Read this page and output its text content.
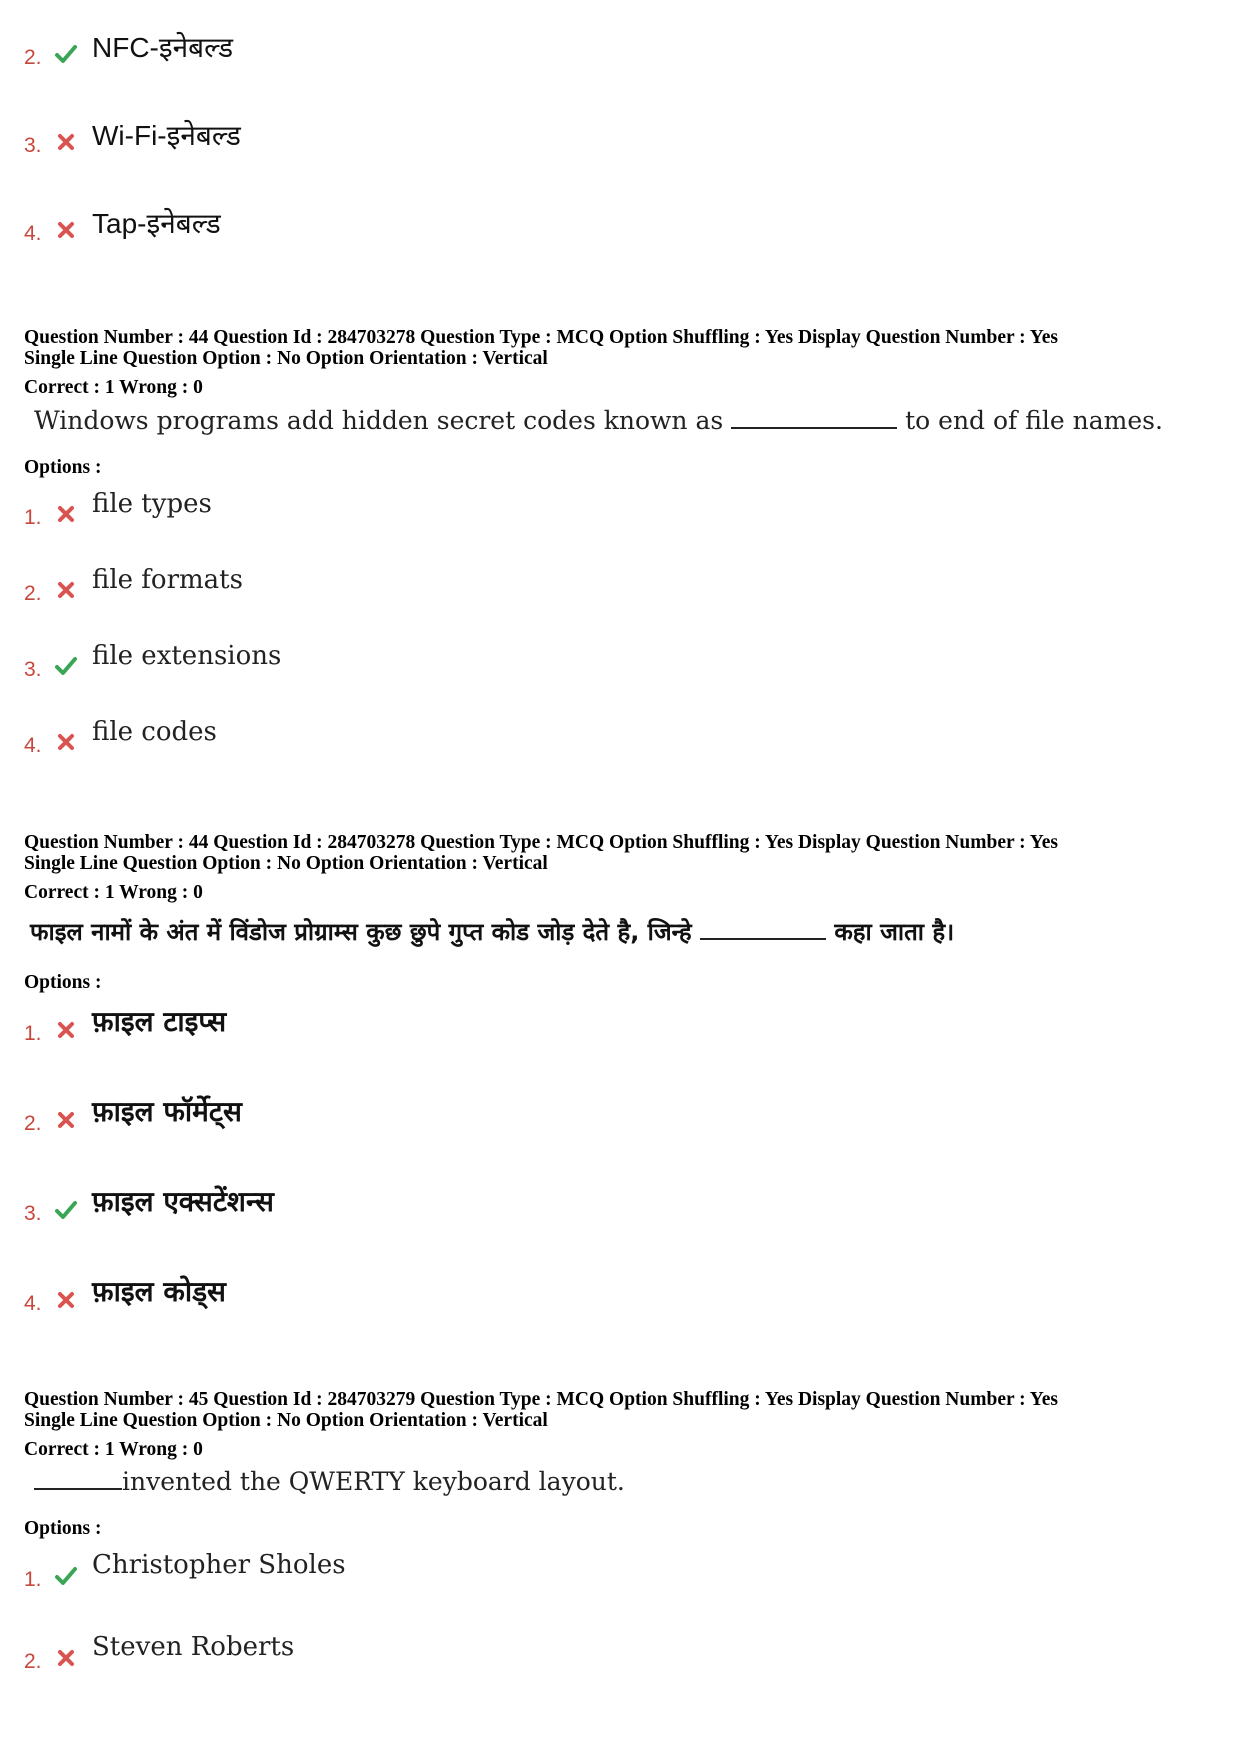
2. NFC-इनेबल्ड
3. Wi-Fi-इनेबल्ड
4. Tap-इनेबल्ड
Question Number : 44 Question Id : 284703278 Question Type : MCQ Option Shuffling : Yes Display Question Number : Yes
Single Line Question Option : No Option Orientation : Vertical
Correct : 1 Wrong : 0
Windows programs add hidden secret codes known as	to end of file names.
Options :
1. file types
2. file formats
3. file extensions
4. file codes
Question Number : 44 Question Id : 284703278 Question Type : MCQ Option Shuffling : Yes Display Question Number : Yes
Single Line Question Option : No Option Orientation : Vertical
Correct : 1 Wrong : 0
फाइल नामों के अंत में विंडोज प्रोग्राम्स कुछ छुपे गुप्त कोड जोड़ देते है, जिन्हे	कहा जाता है।
Options :
1. फ़ाइल टाइप्स
2. फ़ाइल फॉर्मेट्स
3. फ़ाइल एक्सटेंशन्स
4. फ़ाइल कोड्स
Question Number : 45 Question Id : 284703279 Question Type : MCQ Option Shuffling : Yes Display Question Number : Yes
Single Line Question Option : No Option Orientation : Vertical
Correct : 1 Wrong : 0
invented the QWERTY keyboard layout.
Options :
1. Christopher Sholes
2. Steven Roberts
